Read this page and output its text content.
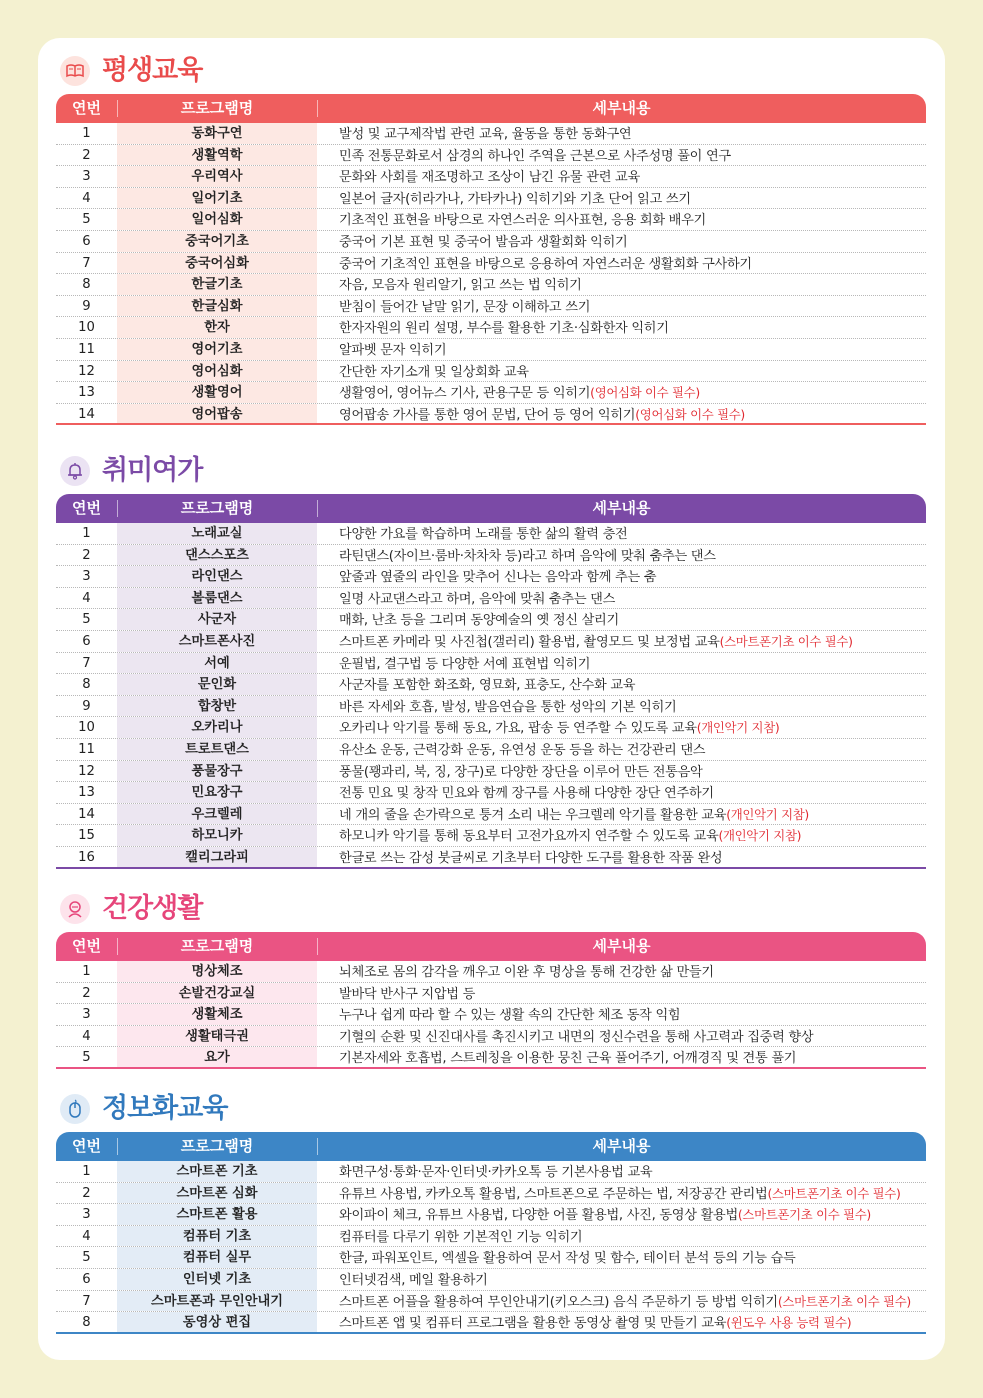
평생교육
연번	프로그램명	세부내용
1	동화구연	발성 및 교구제작법 관련 교육, 율동을 통한 동화구연
2	생활역학	민족 전통문화로서 삼경의 하나인 주역을 근본으로 사주성명 풀이 연구
3	우리역사	문화와 사회를 재조명하고 조상이 남긴 유물 관련 교육
4	일어기초	일본어 글자(히라가나, 가타카나) 익히기와 기초 단어 읽고 쓰기
5	일어심화	기초적인 표현을 바탕으로 자연스러운 의사표현, 응용 회화 배우기
6	중국어기초	중국어 기본 표현 및 중국어 발음과 생활회화 익히기
7	중국어심화	중국어 기초적인 표현을 바탕으로 응용하여 자연스러운 생활회화 구사하기
8	한글기초	자음, 모음자 원리알기, 읽고 쓰는 법 익히기
9	한글심화	받침이 들어간 낱말 읽기, 문장 이해하고 쓰기
10	한자	한자자원의 원리 설명, 부수를 활용한 기초·심화한자 익히기
11	영어기초	알파벳 문자 익히기
12	영어심화	간단한 자기소개 및 일상회화 교육
13	생활영어	생활영어, 영어뉴스 기사, 관용구문 등 익히기(영어심화 이수 필수)
14	영어팝송	영어팝송 가사를 통한 영어 문법, 단어 등 영어 익히기(영어심화 이수 필수)
취미여가
연번	프로그램명	세부내용
1	노래교실	다양한 가요를 학습하며 노래를 통한 삶의 활력 충전
2	댄스스포츠	라틴댄스(자이브·룸바·차차차 등)라고 하며 음악에 맞춰 춤추는 댄스
3	라인댄스	앞줄과 옆줄의 라인을 맞추어 신나는 음악과 함께 추는 춤
4	볼룸댄스	일명 사교댄스라고 하며, 음악에 맞춰 춤추는 댄스
5	사군자	매화, 난초 등을 그리며 동양예술의 옛 정신 살리기
6	스마트폰사진	스마트폰 카메라 및 사진첩(갤러리) 활용법, 촬영모드 및 보정법 교육(스마트폰기초 이수 필수)
7	서예	운필법, 결구법 등 다양한 서예 표현법 익히기
8	문인화	사군자를 포함한 화조화, 영묘화, 표충도, 산수화 교육
9	합창반	바른 자세와 호흡, 발성, 발음연습을 통한 성악의 기본 익히기
10	오카리나	오카리나 악기를 통해 동요, 가요, 팝송 등 연주할 수 있도록 교육(개인악기 지참)
11	트로트댄스	유산소 운동, 근력강화 운동, 유연성 운동 등을 하는 건강관리 댄스
12	풍물장구	풍물(꽹과리, 북, 징, 장구)로 다양한 장단을 이루어 만든 전통음악
13	민요장구	전통 민요 및 창작 민요와 함께 장구를 사용해 다양한 장단 연주하기
14	우크렐레	네 개의 줄을 손가락으로 퉁겨 소리 내는 우크렐레 악기를 활용한 교육(개인악기 지참)
15	하모니카	하모니카 악기를 통해 동요부터 고전가요까지 연주할 수 있도록 교육(개인악기 지참)
16	캘리그라피	한글로 쓰는 감성 붓글씨로 기초부터 다양한 도구를 활용한 작품 완성
건강생활
연번	프로그램명	세부내용
1	명상체조	뇌체조로 몸의 감각을 깨우고 이완 후 명상을 통해 건강한 삶 만들기
2	손발건강교실	발바닥 반사구 지압법 등
3	생활체조	누구나 쉽게 따라 할 수 있는 생활 속의 간단한 체조 동작 익힘
4	생활태극권	기혈의 순환 및 신진대사를 촉진시키고 내면의 정신수련을 통해 사고력과 집중력 향상
5	요가	기본자세와 호흡법, 스트레칭을 이용한 뭉친 근육 풀어주기, 어깨경직 및 견통 풀기
정보화교육
연번	프로그램명	세부내용
1	스마트폰 기초	화면구성·통화·문자·인터넷·카카오톡 등 기본사용법 교육
2	스마트폰 심화	유튜브 사용법, 카카오톡 활용법, 스마트폰으로 주문하는 법, 저장공간 관리법(스마트폰기초 이수 필수)
3	스마트폰 활용	와이파이 체크, 유튜브 사용법, 다양한 어플 활용법, 사진, 동영상 활용법(스마트폰기초 이수 필수)
4	컴퓨터 기초	컴퓨터를 다루기 위한 기본적인 기능 익히기
5	컴퓨터 실무	한글, 파워포인트, 엑셀을 활용하여 문서 작성 및 함수, 테이터 분석 등의 기능 습득
6	인터넷 기초	인터넷검색, 메일 활용하기
7	스마트폰과 무인안내기	스마트폰 어플을 활용하여 무인안내기(키오스크) 음식 주문하기 등 방법 익히기(스마트폰기초 이수 필수)
8	동영상 편집	스마트폰 앱 및 컴퓨터 프로그램을 활용한 동영상 촬영 및 만들기 교육(윈도우 사용 능력 필수)
